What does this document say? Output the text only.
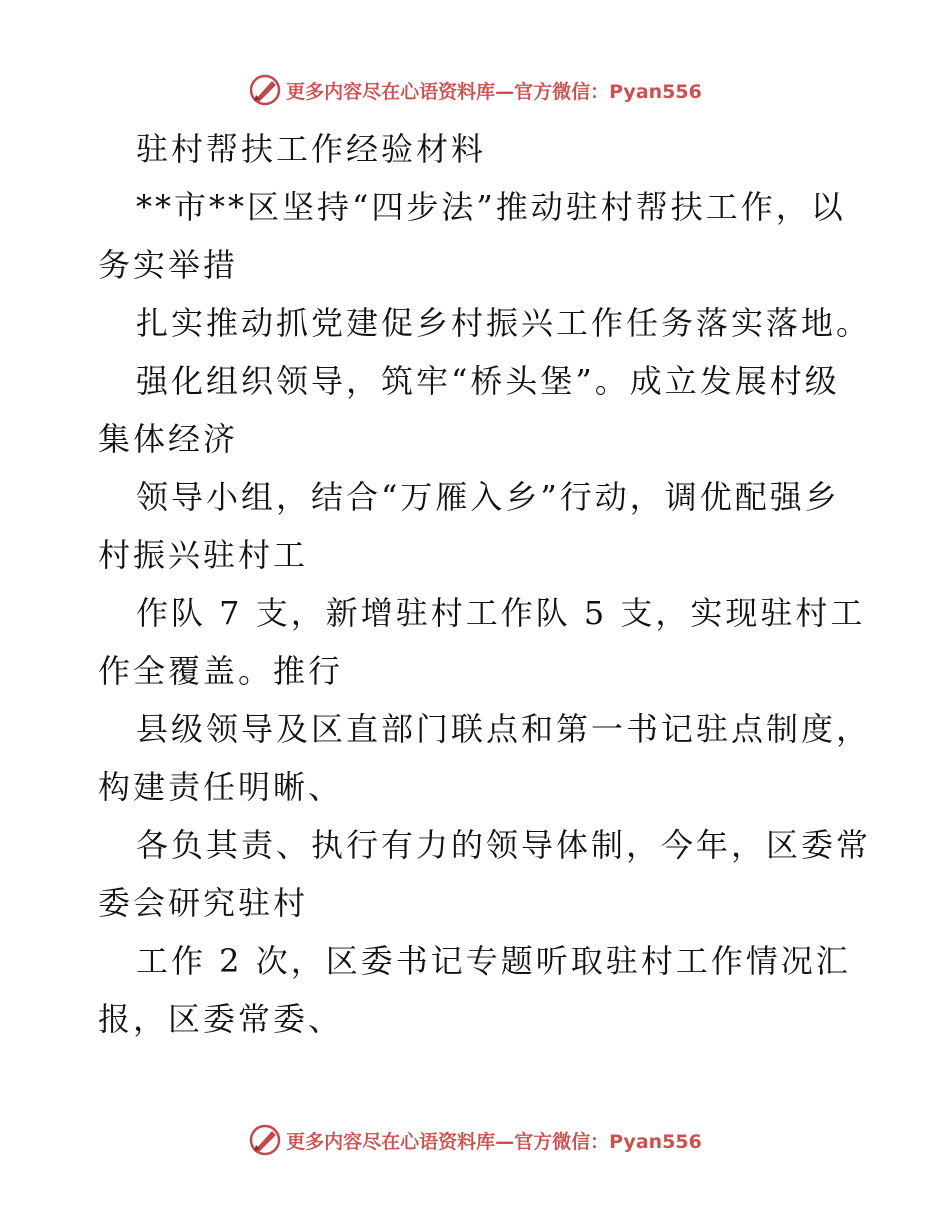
更多内容尽在心语资料库—官方微信：Pyan556

驻村帮扶工作经验材料

**市**区坚持“四步法”推动驻村帮扶工作，以

务实举措

扎实推动抓党建促乡村振兴工作任务落实落地。

强化组织领导，筑牢“桥头堡”。成立发展村级

集体经济

领导小组，结合“万雁入乡”行动，调优配强乡

村振兴驻村工

作队 7 支，新增驻村工作队 5 支，实现驻村工

作全覆盖。推行

县级领导及区直部门联点和第一书记驻点制度，

构建责任明晰、

各负其责、执行有力的领导体制，今年，区委常

委会研究驻村

工作 2 次，区委书记专题听取驻村工作情况汇

报，区委常委、

更多内容尽在心语资料库—官方微信：Pyan556
